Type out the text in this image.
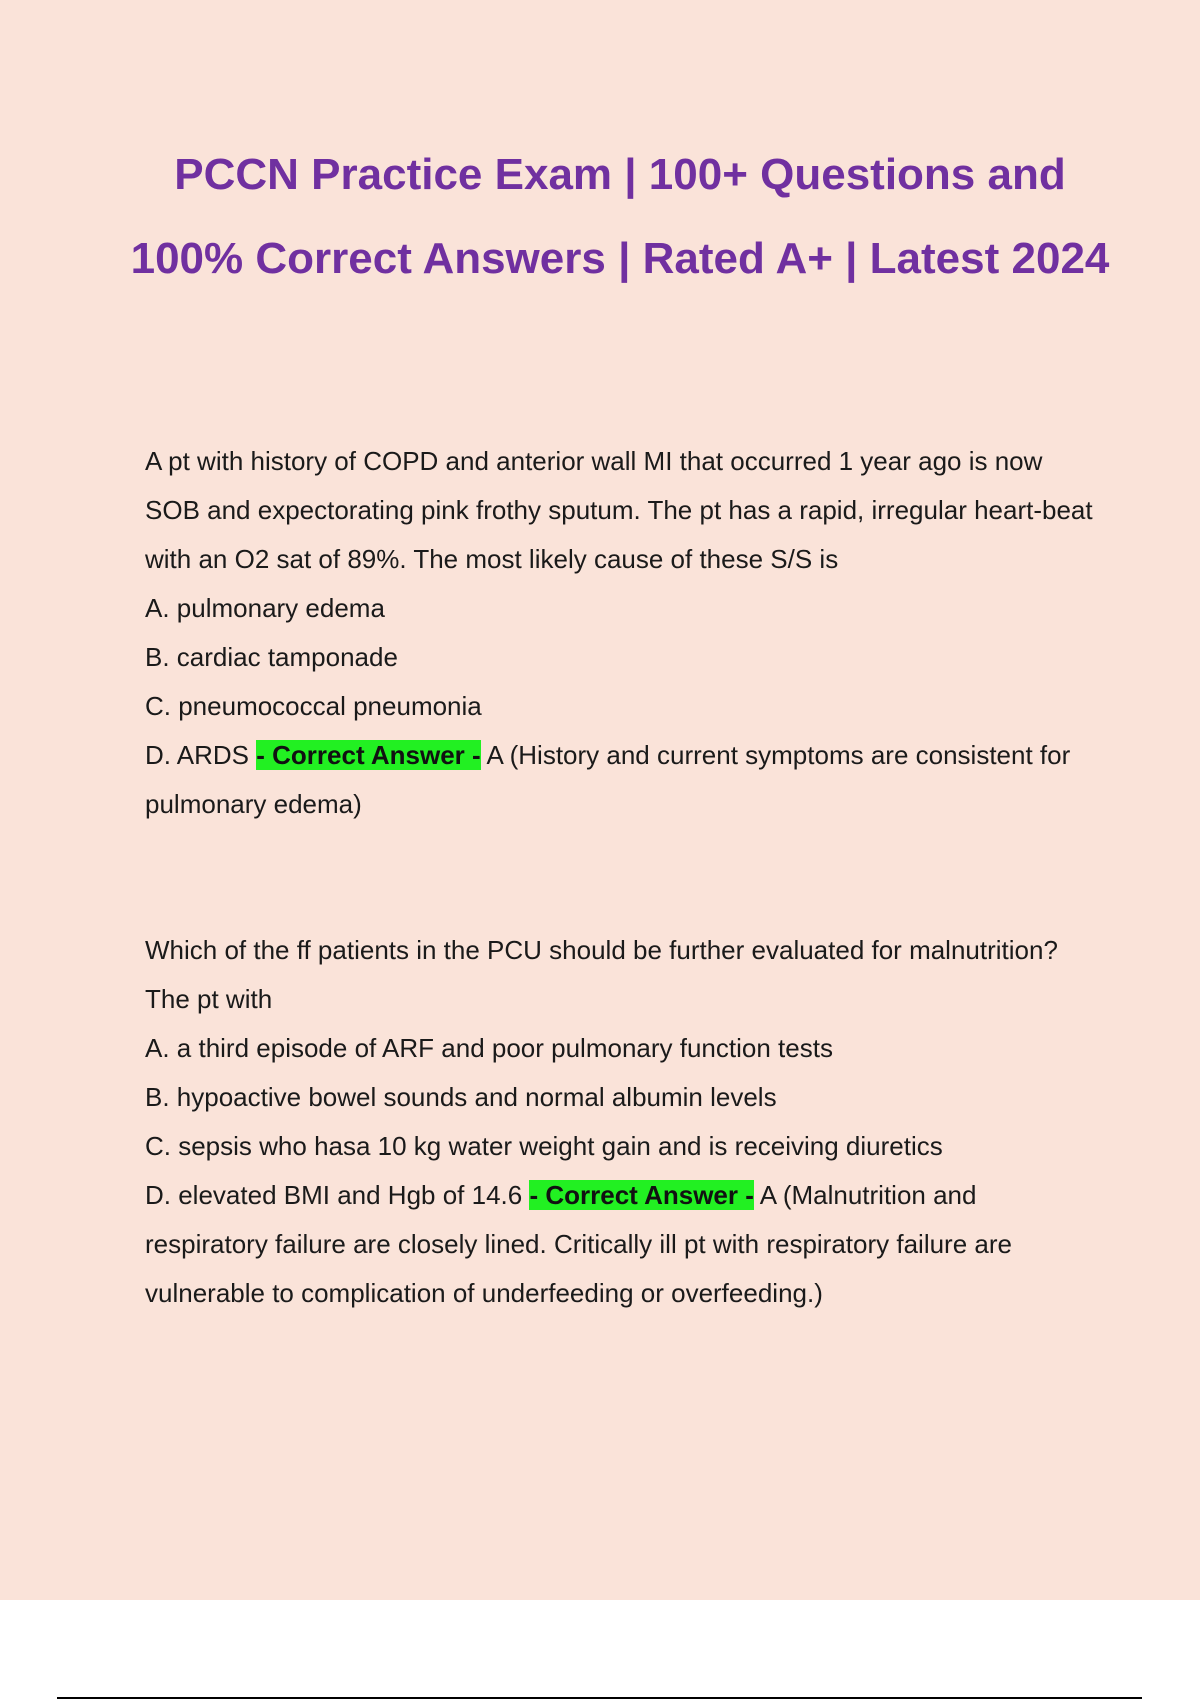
PCCN Practice Exam | 100+ Questions and 100% Correct Answers | Rated A+ | Latest 2024

A pt with history of COPD and anterior wall MI that occurred 1 year ago is now SOB and expectorating pink frothy sputum. The pt has a rapid, irregular heart-beat with an O2 sat of 89%. The most likely cause of these S/S is

A. pulmonary edema

B. cardiac tamponade

C. pneumococcal pneumonia

D. ARDS - Correct Answer - A (History and current symptoms are consistent for pulmonary edema)

Which of the ff patients in the PCU should be further evaluated for malnutrition? The pt with

A. a third episode of ARF and poor pulmonary function tests

B. hypoactive bowel sounds and normal albumin levels

C. sepsis who hasa 10 kg water weight gain and is receiving diuretics

D. elevated BMI and Hgb of 14.6 - Correct Answer - A (Malnutrition and respiratory failure are closely lined. Critically ill pt with respiratory failure are vulnerable to complication of underfeeding or overfeeding.)
